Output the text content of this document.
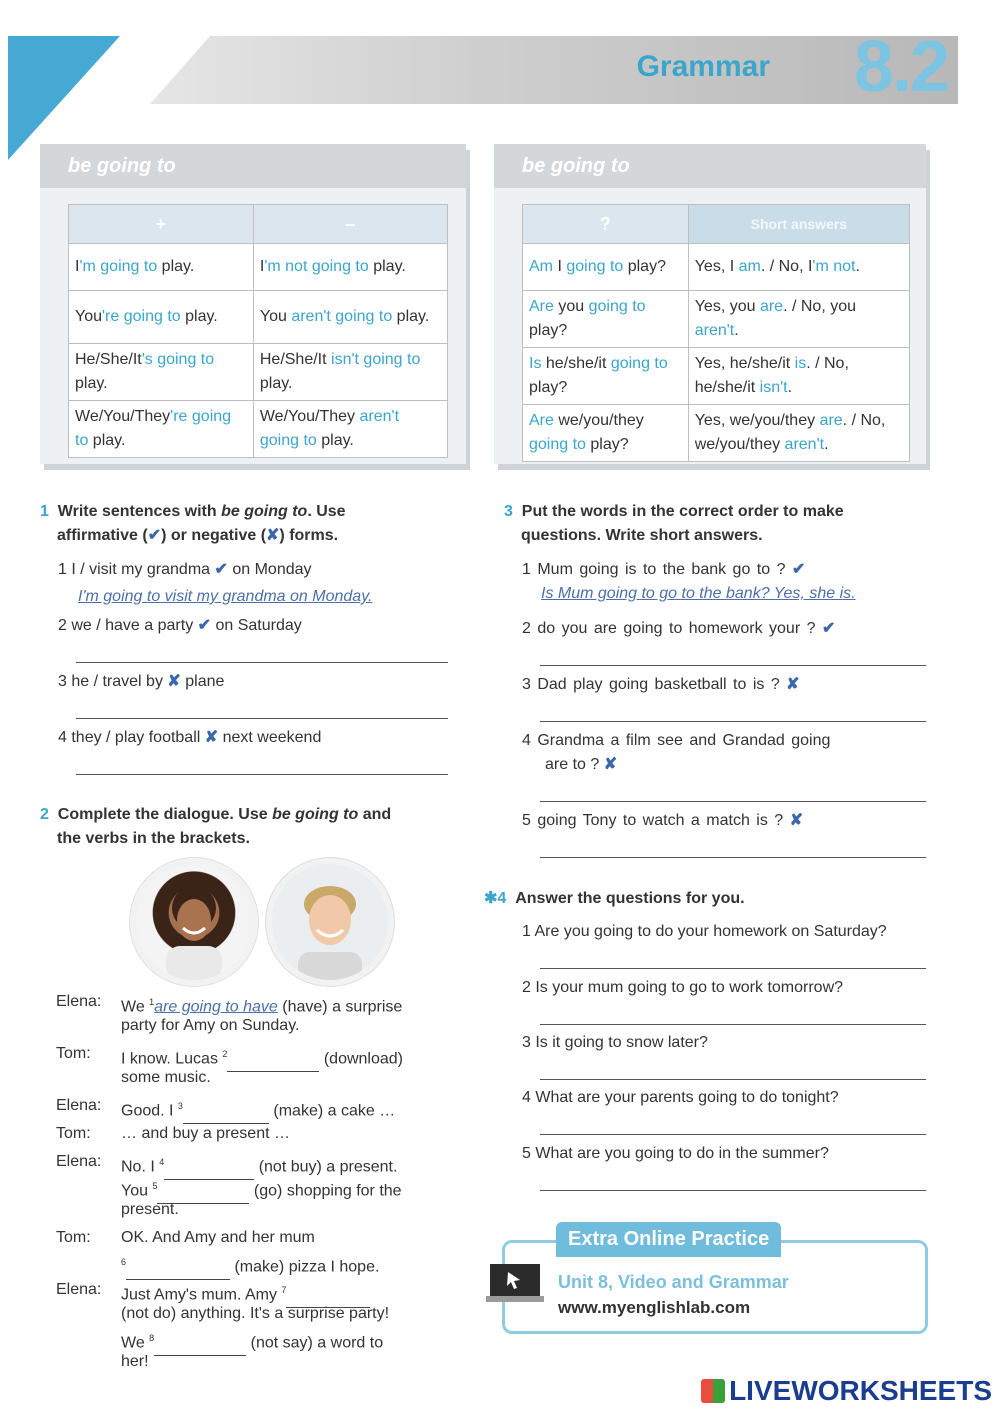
Grammar 8.2
be going to
+	–
I'm going to play.	I'm not going to play.
You're going to play.	You aren't going to play.
He/She/It's going to play.	He/She/It isn't going to play.
We/You/They're going to play.	We/You/They aren't going to play.
be going to
?	Short answers
Am I going to play?	Yes, I am. / No, I'm not.
Are you going to play?	Yes, you are. / No, you aren't.
Is he/she/it going to play?	Yes, he/she/it is. / No, he/she/it isn't.
Are we/you/they going to play?	Yes, we/you/they are. / No, we/you/they aren't.
1 Write sentences with be going to. Use
affirmative (✔) or negative (✘) forms.
1 I / visit my grandma ✔ on Monday
I'm going to visit my grandma on Monday.
2 we / have a party ✔ on Saturday
3 he / travel by ✘ plane
4 they / play football ✘ next weekend
2 Complete the dialogue. Use be going to and
the verbs in the brackets.
Elena: We $^1$are going to have (have) a surprise
party for Amy on Sunday.
Tom: I know. Lucas $^2$	(download)
some music.
Elena: Good. I $^3$	(make) a cake …
Tom: … and buy a present …
Elena: No. I $^4$	(not buy) a present.
You $^5$	(go) shopping for the
present.
Tom: OK. And Amy and her mum
$^6$	(make) pizza I hope.
Elena: Just Amy's mum. Amy $^7$
(not do) anything. It's a surprise party!
We $^8$	(not say) a word to
her!
3 Put the words in the correct order to make
questions. Write short answers.
1 Mum going is to the bank go to ? ✔
Is Mum going to go to the bank? Yes, she is.
2 do you are going to homework your ? ✔
3 Dad play going basketball to is ? ✘
4 Grandma a film see and Grandad going
are to ? ✘
5 going Tony to watch a match is ? ✘
✱4 Answer the questions for you.
1 Are you going to do your homework on Saturday?
2 Is your mum going to go to work tomorrow?
3 Is it going to snow later?
4 What are your parents going to do tonight?
5 What are you going to do in the summer?
Extra Online Practice
Unit 8, Video and Grammar
www.myenglishlab.com
LIVEWORKSHEETS
